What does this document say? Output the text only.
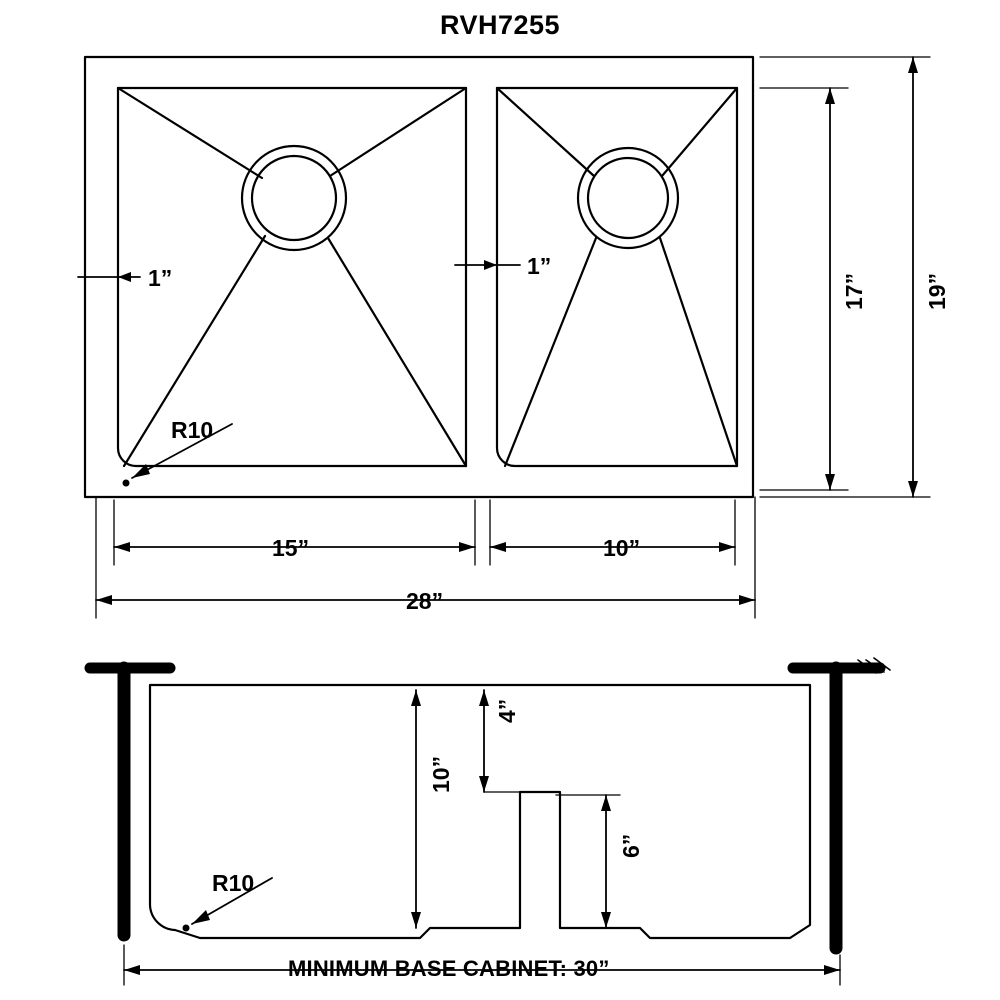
RVH7255
1”	1”
R10
15”	10”
28”
17” 19”
R10
4”
10”
6”
MINIMUM BASE CABINET: 30”
